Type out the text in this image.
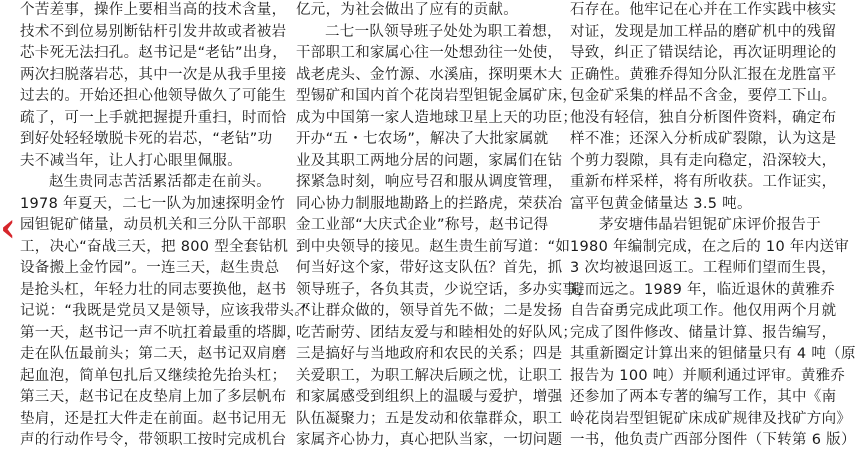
‹
个苦差事，操作上要相当高的技术含量，
技术不到位易别断钻杆引发井故或者被岩
芯卡死无法扫孔。赵书记是“老钻”出身，
两次扫脱落岩芯，其中一次是从我手里接
过去的。开始还担心他领导做久了可能生
疏了，可一上手就把握提升重扫，时而恰
到好处轻轻墩脱卡死的岩芯，“老钻”功
夫不减当年，让人打心眼里佩服。
赵生贵同志苦活累活都走在前头。
1978 年夏天，二七一队为加速探明金竹
园钽铌矿储量，动员机关和三分队干部职
工，决心“奋战三天，把 800 型全套钻机
设备搬上金竹园”。一连三天，赵生贵总
是抢头杠，年轻力壮的同志要换他，赵书
记说：“我既是党员又是领导，应该我带头。”
第一天，赵书记一声不吭扛着最重的塔脚，
走在队伍最前头；第二天，赵书记双肩磨
起血泡，简单包扎后又继续抢先抬头杠；
第三天，赵书记在皮垫肩上加了多层帆布
垫肩，还是扛大件走在前面。赵书记用无
声的行动作号令，带领职工按时完成机台
亿元，为社会做出了应有的贡献。
二七一队领导班子处处为职工着想，
干部职工和家属心往一处想劲往一处使，
战老虎头、金竹源、水溪庙，探明栗木大
型锡矿和国内首个花岗岩型钽铌金属矿床，
成为中国第一家人造地球卫星上天的功臣；
开办“五・七农场”，解决了大批家属就
业及其职工两地分居的问题，家属们在钻
探紧急时刻，响应号召和服从调度管理，
同心协力制服地勘路上的拦路虎，荣获冶
金工业部“大庆式企业”称号，赵书记得
到中央领导的接见。赵生贵生前写道：“如
何当好这个家，带好这支队伍？首先，抓
领导班子，各负其责，少说空话，多办实事，
不让群众做的，领导首先不做；二是发扬
吃苦耐劳、团结友爱与和睦相处的好队风；
三是搞好与当地政府和农民的关系；四是
关爱职工，为职工解决后顾之忧，让职工
和家属感受到组织上的温暖与爱护，增强
队伍凝聚力；五是发动和依靠群众，职工
家属齐心协力，真心把队当家，一切问题
石存在。他牢记在心并在工作实践中核实
对证，发现是加工样品的磨矿机中的残留
导致，纠正了错误结论，再次证明理论的
正确性。黄雅乔得知分队汇报在龙胜富平
包金矿采集的样品不含金，要停工下山。
他没有轻信，独自分析图件资料，确定布
样不准；还深入分析成矿裂隙，认为这是
个剪力裂隙，具有走向稳定，沿深较大，
重新布样采样，将有所收获。工作证实，
富平包黄金储量达 3.5 吨。
茅安塘伟晶岩钽铌矿床评价报告于
1980 年编制完成，在之后的 10 年内送审
3 次均被退回返工。工程师们望而生畏，
避而远之。1989 年，临近退休的黄雅乔
自告奋勇完成此项工作。他仅用两个月就
完成了图件修改、储量计算、报告编写，
其重新圈定计算出来的钽储量只有 4 吨（原
报告为 100 吨）并顺利通过评审。黄雅乔
还参加了两本专著的编写工作，其中《南
岭花岗岩型钽铌矿床成矿规律及找矿方向》
一书，他负责广西部分图件（下转第 6 版）
